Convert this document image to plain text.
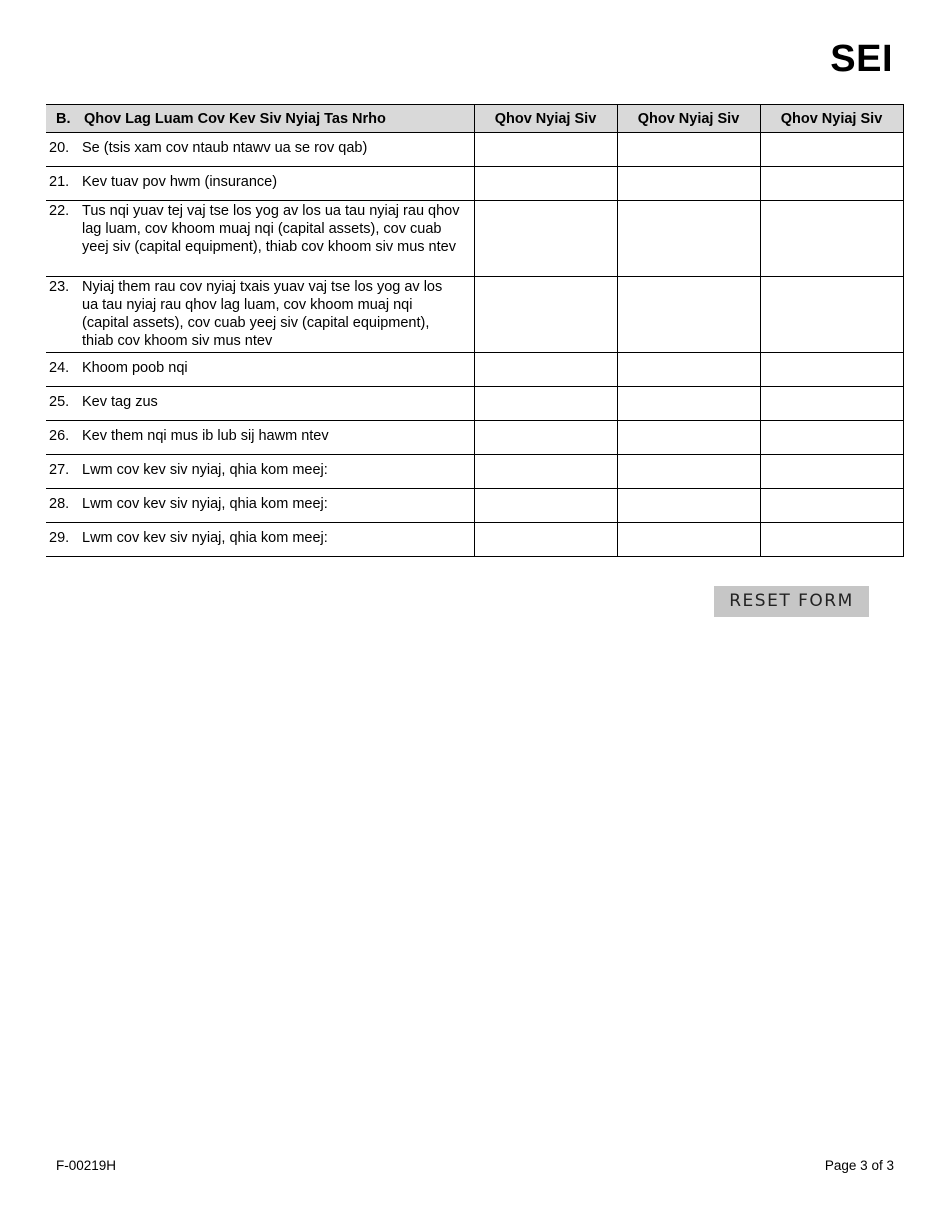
SEI
B. Qhov Lag Luam Cov Kev Siv Nyiaj Tas Nrho	Qhov Nyiaj Siv	Qhov Nyiaj Siv	Qhov Nyiaj Siv

20. Se (tsis xam cov ntaub ntawv ua se rov qab)			

21. Kev tuav pov hwm (insurance)			

22. Tus nqi yuav tej vaj tse los yog av los ua tau nyiaj rau qhov lag luam, cov khoom muaj nqi (capital assets), cov cuab yeej siv (capital equipment), thiab cov khoom siv mus ntev			

23. Nyiaj them rau cov nyiaj txais yuav vaj tse los yog av los ua tau nyiaj rau qhov lag luam, cov khoom muaj nqi (capital assets), cov cuab yeej siv (capital equipment), thiab cov khoom siv mus ntev			

24. Khoom poob nqi			

25. Kev tag zus			

26. Kev them nqi mus ib lub sij hawm ntev			

27. Lwm cov kev siv nyiaj, qhia kom meej:			

28. Lwm cov kev siv nyiaj, qhia kom meej:			

29. Lwm cov kev siv nyiaj, qhia kom meej:			

RESET FORM
F-00219H	Page 3 of 3
